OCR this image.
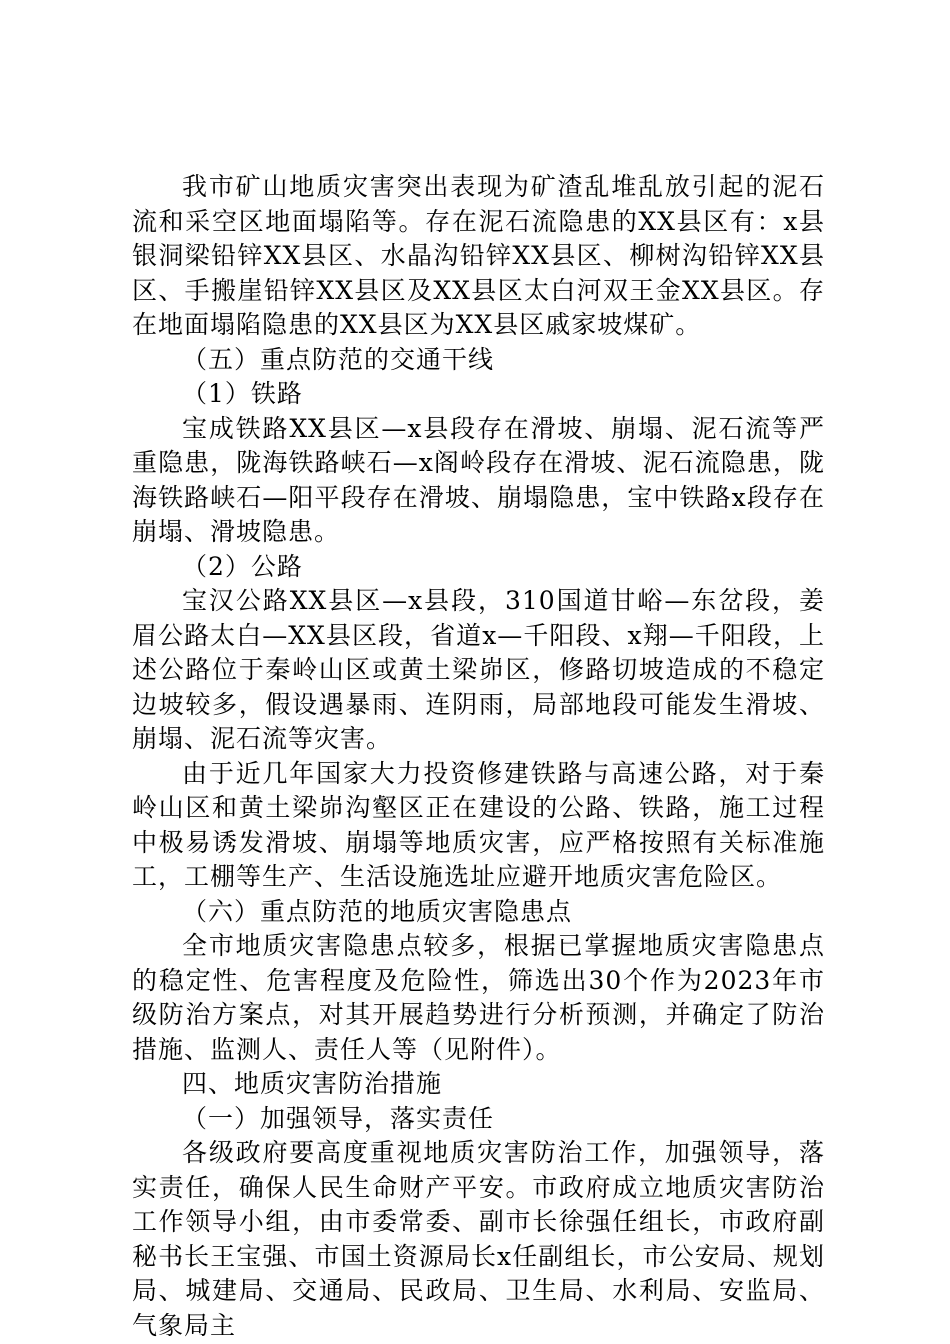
我市矿山地质灾害突出表现为矿渣乱堆乱放引起的泥石流和采空区地面塌陷等。存在泥石流隐患的XX县区有：x县银洞梁铅锌XX县区、水晶沟铅锌XX县区、柳树沟铅锌XX县区、手搬崖铅锌XX县区及XX县区太白河双王金XX县区。存在地面塌陷隐患的XX县区为XX县区戚家坡煤矿。

（五）重点防范的交通干线

（1）铁路

宝成铁路XX县区—x县段存在滑坡、崩塌、泥石流等严重隐患，陇海铁路峡石—x阁岭段存在滑坡、泥石流隐患，陇海铁路峡石—阳平段存在滑坡、崩塌隐患，宝中铁路x段存在崩塌、滑坡隐患。

（2）公路

宝汉公路XX县区—x县段，310国道甘峪—东岔段，姜眉公路太白—XX县区段，省道x—千阳段、x翔—千阳段，上述公路位于秦岭山区或黄土梁峁区，修路切坡造成的不稳定边坡较多，假设遇暴雨、连阴雨，局部地段可能发生滑坡、崩塌、泥石流等灾害。

由于近几年国家大力投资修建铁路与高速公路，对于秦岭山区和黄土梁峁沟壑区正在建设的公路、铁路，施工过程中极易诱发滑坡、崩塌等地质灾害，应严格按照有关标准施工，工棚等生产、生活设施选址应避开地质灾害危险区。

（六）重点防范的地质灾害隐患点

全市地质灾害隐患点较多，根据已掌握地质灾害隐患点的稳定性、危害程度及危险性，筛选出30个作为2023年市级防治方案点，对其开展趋势进行分析预测，并确定了防治措施、监测人、责任人等（见附件）。

四、地质灾害防治措施

（一）加强领导，落实责任

各级政府要高度重视地质灾害防治工作，加强领导，落实责任，确保人民生命财产平安。市政府成立地质灾害防治工作领导小组，由市委常委、副市长徐强任组长，市政府副秘书长王宝强、市国土资源局长x任副组长，市公安局、规划局、城建局、交通局、民政局、卫生局、水利局、安监局、气象局主
